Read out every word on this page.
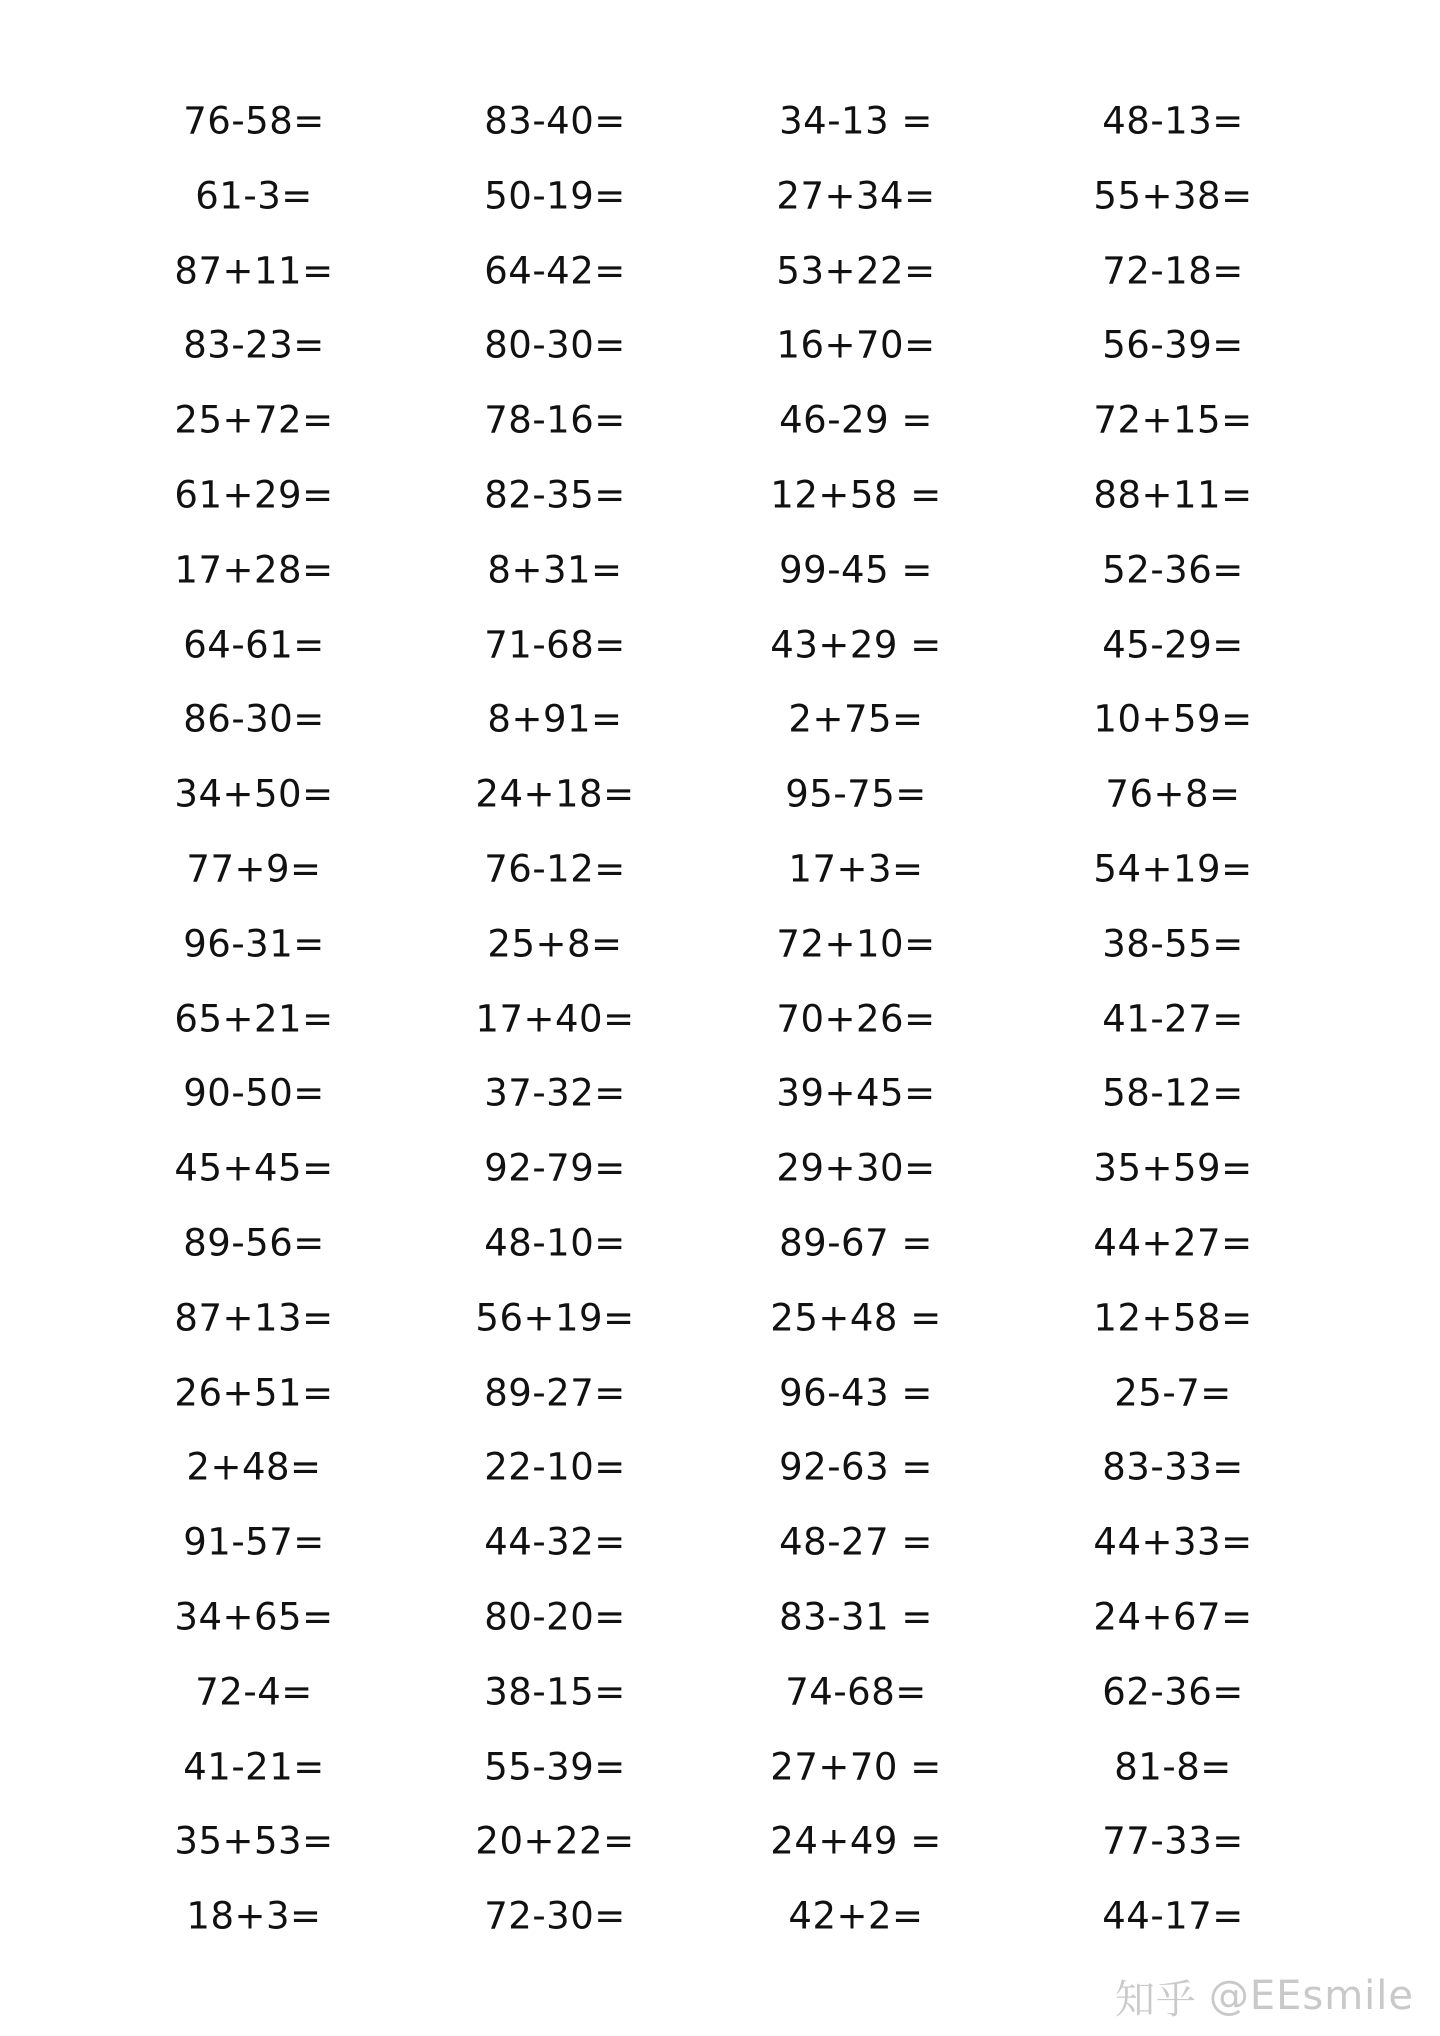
76-58=
61-3=
87+11=
83-23=
25+72=
61+29=
17+28=
64-61=
86-30=
34+50=
77+9=
96-31=
65+21=
90-50=
45+45=
89-56=
87+13=
26+51=
2+48=
91-57=
34+65=
72-4=
41-21=
35+53=
18+3=
83-40=
50-19=
64-42=
80-30=
78-16=
82-35=
8+31=
71-68=
8+91=
24+18=
76-12=
25+8=
17+40=
37-32=
92-79=
48-10=
56+19=
89-27=
22-10=
44-32=
80-20=
38-15=
55-39=
20+22=
72-30=
34-13 =
27+34=
53+22=
16+70=
46-29 =
12+58 =
99-45 =
43+29 =
2+75=
95-75=
17+3=
72+10=
70+26=
39+45=
29+30=
89-67 =
25+48 =
96-43 =
92-63 =
48-27 =
83-31 =
74-68=
27+70 =
24+49 =
42+2=
48-13=
55+38=
72-18=
56-39=
72+15=
88+11=
52-36=
45-29=
10+59=
76+8=
54+19=
38-55=
41-27=
58-12=
35+59=
44+27=
12+58=
25-7=
83-33=
44+33=
24+67=
62-36=
81-8=
77-33=
44-17=
知乎 @EEsmile
